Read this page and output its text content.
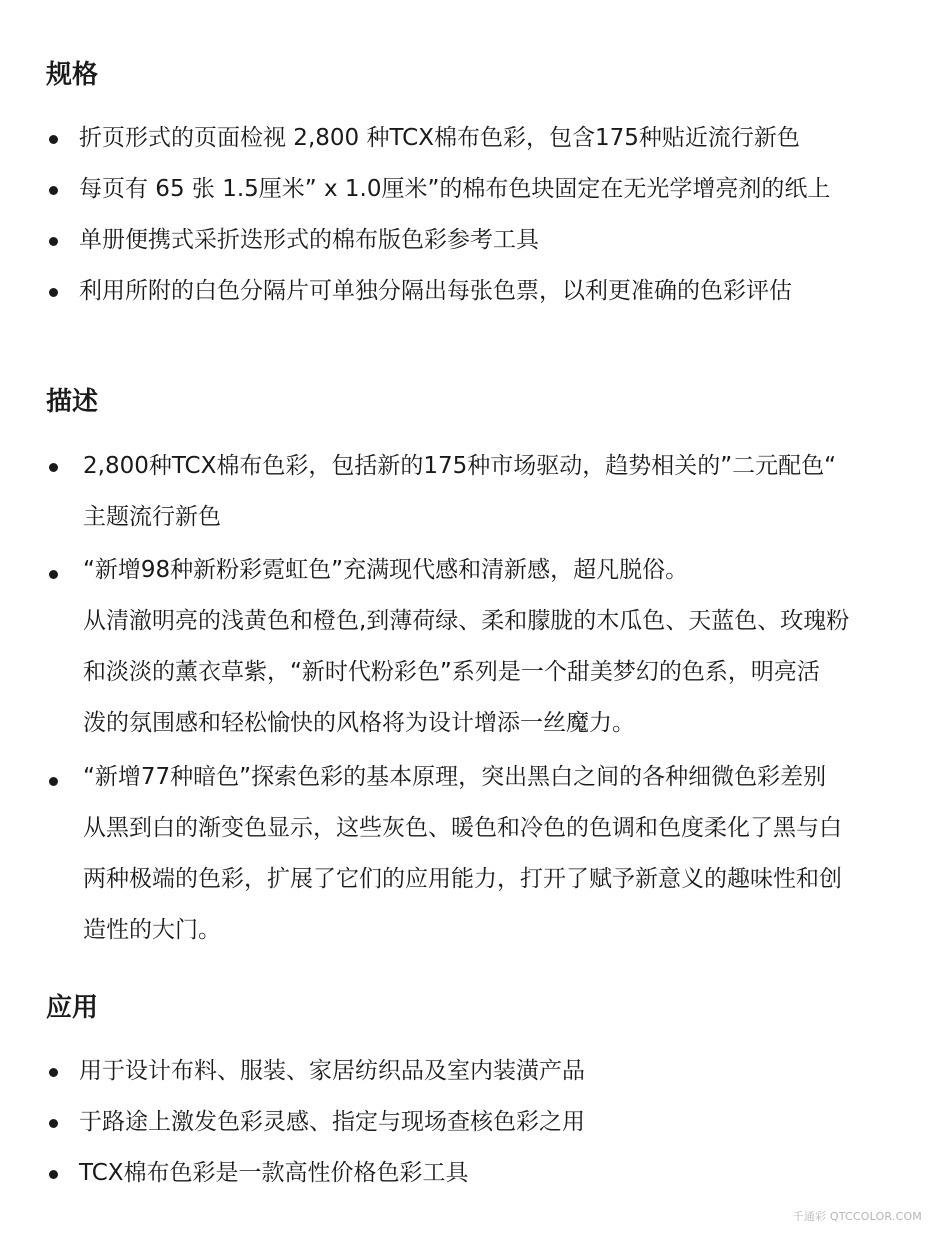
规格
折页形式的页面检视 2,800 种TCX棉布色彩，包含175种贴近流行新色
每页有 65 张 1.5厘米” x 1.0厘米”的棉布色块固定在无光学增亮剂的纸上
单册便携式采折迭形式的棉布版色彩参考工具
利用所附的白色分隔片可单独分隔出每张色票，以利更准确的色彩评估
描述
2,800种TCX棉布色彩，包括新的175种市场驱动，趋势相关的”二元配色“
主题流行新色
“新增98种新粉彩霓虹色”充满现代感和清新感，超凡脱俗。
从清澈明亮的浅黄色和橙色,到薄荷绿、柔和朦胧的木瓜色、天蓝色、玫瑰粉
和淡淡的薰衣草紫，“新时代粉彩色”系列是一个甜美梦幻的色系，明亮活
泼的氛围感和轻松愉快的风格将为设计增添一丝魔力。
“新增77种暗色”探索色彩的基本原理，突出黑白之间的各种细微色彩差别
从黑到白的渐变色显示，这些灰色、暖色和冷色的色调和色度柔化了黑与白
两种极端的色彩，扩展了它们的应用能力，打开了赋予新意义的趣味性和创
造性的大门。
应用
用于设计布料、服装、家居纺织品及室内装潢产品
于路途上激发色彩灵感、指定与现场查核色彩之用
TCX棉布色彩是一款高性价格色彩工具
千通彩 QTCCOLOR.COM
